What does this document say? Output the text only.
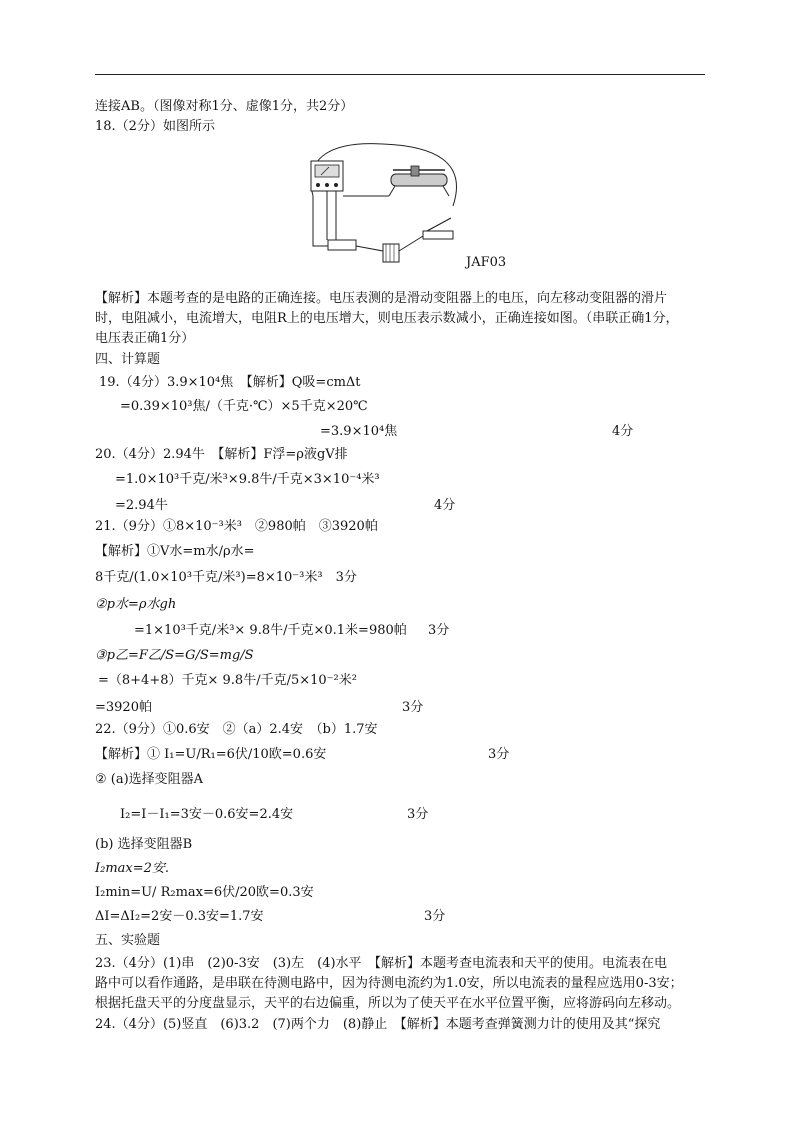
连接AB。（图像对称1分、虚像1分，共2分）
18.（2分）如图所示
JAF03
【解析】本题考查的是电路的正确连接。电压表测的是滑动变阻器上的电压，向左移动变阻器的滑片
时，电阻减小，电流增大，电阻R上的电压增大，则电压表示数减小，正确连接如图。（串联正确1分，
电压表正确1分）
四、计算题
19.（4分）3.9×10⁴焦　【解析】Q吸=cmΔt
=0.39×10³焦/（千克·℃）×5千克×20℃
=3.9×10⁴焦	4分
20.（4分）2.94牛　【解析】F浮=ρ液gV排
=1.0×10³千克/米³×9.8牛/千克×3×10⁻⁴米³
=2.94牛	4分
21.（9分）①8×10⁻³米³　②980帕　③3920帕
【解析】①V水=m水/ρ水=
8千克/(1.0×10³千克/米³)=8×10⁻³米³　3分
②p水=ρ水gh
=1×10³千克/米³× 9.8牛/千克×0.1米=980帕 3分
③p乙=F乙/S=G/S=mg/S
=（8+4+8）千克× 9.8牛/千克/5×10⁻²米²
=3920帕	3分
22.（9分）①0.6安　②（a）2.4安　（b）1.7安
【解析】① I₁=U/R₁=6伏/10欧=0.6安	3分
② (a)选择变阻器A
I₂=I－I₁=3安－0.6安=2.4安	3分
(b) 选择变阻器B
I₂max=2安.
I₂min=U/ R₂max=6伏/20欧=0.3安
ΔI=ΔI₂=2安－0.3安=1.7安	3分
五、实验题
23.（4分）(1)串　(2)0-3安　(3)左　(4)水平　【解析】本题考查电流表和天平的使用。电流表在电
路中可以看作通路，是串联在待测电路中，因为待测电流约为1.0安，所以电流表的量程应选用0-3安；
根据托盘天平的分度盘显示，天平的右边偏重，所以为了使天平在水平位置平衡，应将游码向左移动。
24.（4分）(5)竖直　(6)3.2　(7)两个力　(8)静止　【解析】本题考查弹簧测力计的使用及其“探究
